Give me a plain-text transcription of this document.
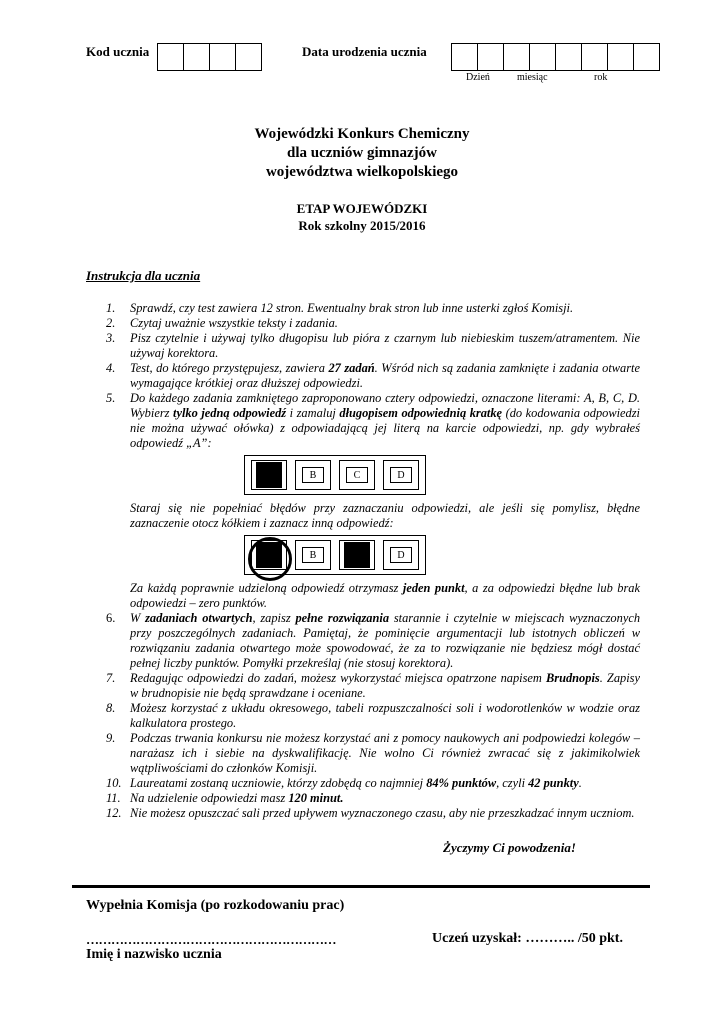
Kod ucznia	Data urodzenia ucznia
Dzień	miesiąc	rok
Wojewódzki Konkurs Chemiczny
dla uczniów gimnazjów
województwa wielkopolskiego
ETAP WOJEWÓDZKI
Rok szkolny 2015/2016
Instrukcja dla ucznia
1. Sprawdź, czy test zawiera 12 stron. Ewentualny brak stron lub inne usterki zgłoś Komisji.
2. Czytaj uważnie wszystkie teksty i zadania.
3. Pisz czytelnie i używaj tylko długopisu lub pióra z czarnym lub niebieskim tuszem/atramentem. Nie używaj korektora.
4. Test, do którego przystępujesz, zawiera 27 zadań. Wśród nich są zadania zamknięte i zadania otwarte wymagające krótkiej oraz dłuższej odpowiedzi.
5. Do każdego zadania zamkniętego zaproponowano cztery odpowiedzi, oznaczone literami: A, B, C, D. Wybierz tylko jedną odpowiedź i zamaluj długopisem odpowiednią kratkę (do kodowania odpowiedzi nie można używać ołówka) z odpowiadającą jej literą na karcie odpowiedzi, np. gdy wybrałeś odpowiedź „A”:
B	C	D
Staraj się nie popełniać błędów przy zaznaczaniu odpowiedzi, ale jeśli się pomylisz, błędne zaznaczenie otocz kółkiem i zaznacz inną odpowiedź:
B	D
Za każdą poprawnie udzieloną odpowiedź otrzymasz jeden punkt, a za odpowiedzi błędne lub brak odpowiedzi – zero punktów.
6. W zadaniach otwartych, zapisz pełne rozwiązania starannie i czytelnie w miejscach wyznaczonych przy poszczególnych zadaniach. Pamiętaj, że pominięcie argumentacji lub istotnych obliczeń w rozwiązaniu zadania otwartego może spowodować, że za to rozwiązanie nie będziesz mógł dostać pełnej liczby punktów. Pomyłki przekreślaj (nie stosuj korektora).
7. Redagując odpowiedzi do zadań, możesz wykorzystać miejsca opatrzone napisem Brudnopis. Zapisy w brudnopisie nie będą sprawdzane i oceniane.
8. Możesz korzystać z układu okresowego, tabeli rozpuszczalności soli i wodorotlenków w wodzie oraz kalkulatora prostego.
9. Podczas trwania konkursu nie możesz korzystać ani z pomocy naukowych ani podpowiedzi kolegów – narażasz ich i siebie na dyskwalifikację. Nie wolno Ci również zwracać się z jakimikolwiek wątpliwościami do członków Komisji.
10. Laureatami zostaną uczniowie, którzy zdobędą co najmniej 84% punktów, czyli 42 punkty.
11. Na udzielenie odpowiedzi masz 120 minut.
12. Nie możesz opuszczać sali przed upływem wyznaczonego czasu, aby nie przeszkadzać innym uczniom.
Życzymy Ci powodzenia!
Wypełnia Komisja (po rozkodowaniu prac)
……………………………………………………
Imię i nazwisko ucznia
Uczeń uzyskał: ……….. /50 pkt.
